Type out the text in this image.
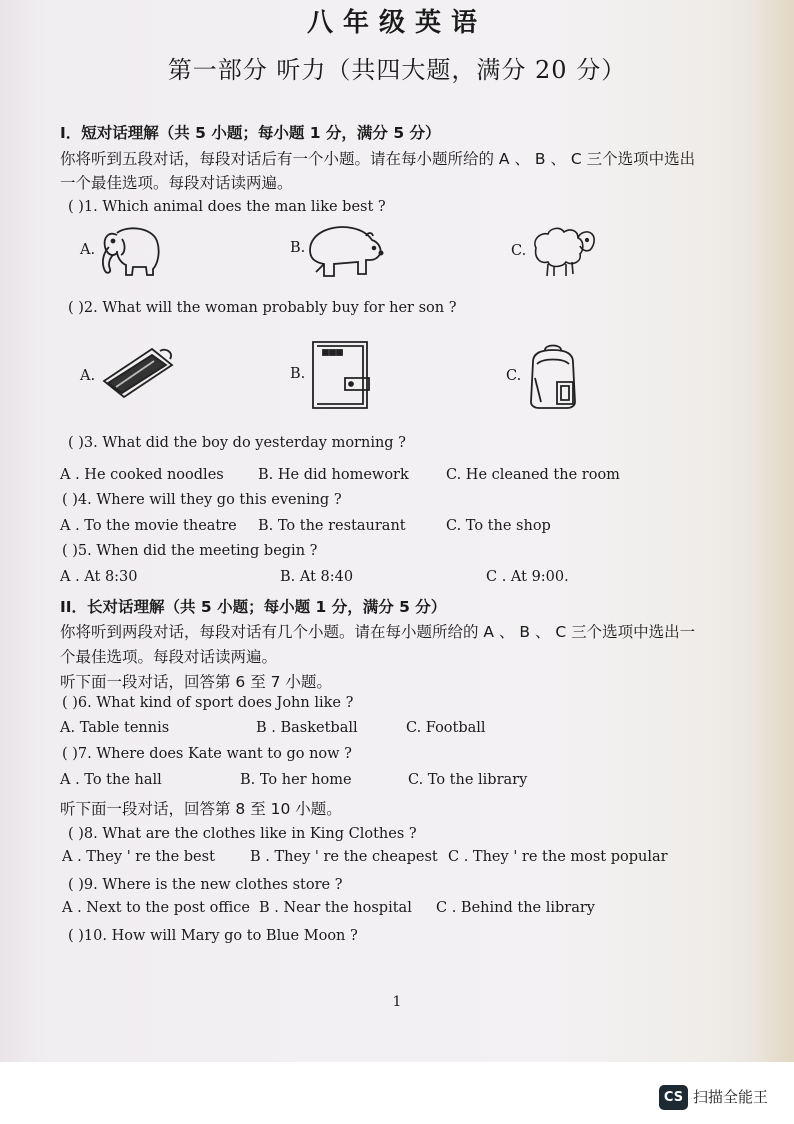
八年级英语
第一部分 听力（共四大题，满分 20 分）
I．短对话理解（共 5 小题；每小题 1 分，满分 5 分）
你将听到五段对话，每段对话后有一个小题。请在每小题所给的 A 、 B 、 C 三个选项中选出
一个最佳选项。每段对话读两遍。
( )1. Which animal does the man like best ?
A.	B.	C.
( )2. What will the woman probably buy for her son ?
A.	B.	C.
( )3. What did the boy do yesterday morning ?
A . He cooked noodles B. He did homework	C. He cleaned the room
( )4. Where will they go this evening ?
A . To the movie theatre B. To the restaurant	C. To the shop
( )5. When did the meeting begin ?
A . At 8:30	B. At 8:40	C . At 9:00.
II．长对话理解（共 5 小题；每小题 1 分，满分 5 分）
你将听到两段对话，每段对话有几个小题。请在每小题所给的 A 、 B 、 C 三个选项中选出一
个最佳选项。每段对话读两遍。
听下面一段对话，回答第 6 至 7 小题。
( )6. What kind of sport does John like ?
A. Table tennis	B . Basketball	C. Football
( )7. Where does Kate want to go now ?
A . To the hall	B. To her home	C. To the library
听下面一段对话，回答第 8 至 10 小题。
( )8. What are the clothes like in King Clothes ?
A . They ' re the best B . They ' re the cheapest C . They ' re the most popular
( )9. Where is the new clothes store ?
A . Next to the post office B . Near the hospital C . Behind the library
( )10. How will Mary go to Blue Moon ?
1
CS 扫描全能王
